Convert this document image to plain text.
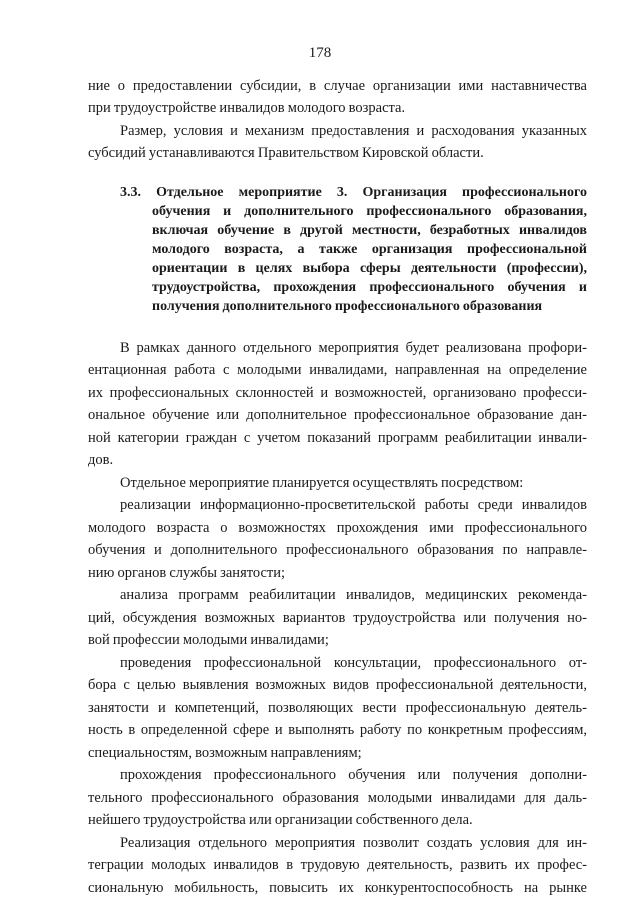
178
ние о предоставлении субсидии, в случае организации ими наставничества
при трудоустройстве инвалидов молодого возраста.
Размер, условия и механизм предоставления и расходования указанных
субсидий устанавливаются Правительством Кировской области.
3.3. Отдельное мероприятие 3. Организация профессионального
обучения и дополнительного профессионального образования,
включая обучение в другой местности, безработных инвалидов
молодого возраста, а также организация профессиональной
ориентации в целях выбора сферы деятельности (профессии),
трудоустройства, прохождения профессионального обучения и
получения дополнительного профессионального образования
В рамках данного отдельного мероприятия будет реализована профори-
ентационная работа с молодыми инвалидами, направленная на определение
их профессиональных склонностей и возможностей, организовано професси-
ональное обучение или дополнительное профессиональное образование дан-
ной категории граждан с учетом показаний программ реабилитации инвали-
дов.
Отдельное мероприятие планируется осуществлять посредством:
реализации информационно-просветительской работы среди инвалидов
молодого возраста о возможностях прохождения ими профессионального
обучения и дополнительного профессионального образования по направле-
нию органов службы занятости;
анализа программ реабилитации инвалидов, медицинских рекоменда-
ций, обсуждения возможных вариантов трудоустройства или получения но-
вой профессии молодыми инвалидами;
проведения профессиональной консультации, профессионального от-
бора с целью выявления возможных видов профессиональной деятельности,
занятости и компетенций, позволяющих вести профессиональную деятель-
ность в определенной сфере и выполнять работу по конкретным профессиям,
специальностям, возможным направлениям;
прохождения профессионального обучения или получения дополни-
тельного профессионального образования молодыми инвалидами для даль-
нейшего трудоустройства или организации собственного дела.
Реализация отдельного мероприятия позволит создать условия для ин-
теграции молодых инвалидов в трудовую деятельность, развить их профес-
сиональную мобильность, повысить их конкурентоспособность на рынке
